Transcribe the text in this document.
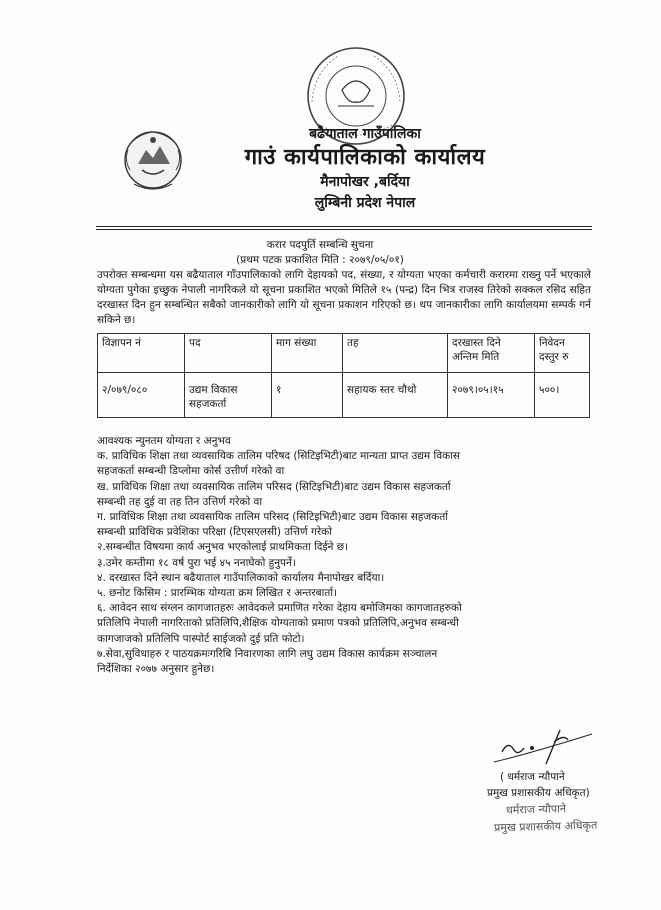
बढैयाताल गाउँपालिका
गाउं कार्यपालिकाको कार्यालय
मैनापोखर ,बर्दिया
लुम्बिनी प्रदेश नेपाल
करार पदपुर्ति सम्बन्धि सुचना
(प्रथम पटक प्रकाशित मिति : २०७९/०५/०१)
उपरोक्त सम्बन्धमा यस बढैयाताल गाँउपालिकाको लागि देहायको पद, संख्या, र योग्यता भएका कर्मचारी करारमा राख्नु पर्ने भएकाले योग्यता पुगेका इच्छुक नेपाली नागरिकले यो सूचना प्रकाशित भएको मितिले १५ (पन्द्र) दिन भित्र राजस्व तिरेको सक्कल रसिद सहित दरखास्त दिन हुन सम्बन्धित सबैको जानकारीको लागि यो सूचना प्रकाशन गरिएको छ। थप जानकारीका लागि कार्यालयमा सम्पर्क गर्न सकिने छ।
विज्ञापन नं	पद	माग संख्या	तह	दरखास्त दिने अन्तिम मिति	निवेदन दस्तुर रु
२/०७९/०८०	उद्यम विकास सहजकर्ता	१	सहायक स्तर चौथो	२०७९।०५।१५	५००।
आवश्यक न्युनतम योग्यता र अनुभव
क. प्राविधिक शिक्षा तथा व्यवसायिक तालिम परिषद (सिटिइभिटी)बाट मान्यता प्राप्त उद्यम विकास
सहजकर्ता सम्बन्धी डिप्लोमा कोर्स उत्तीर्ण गरेको वा
ख. प्राविधिक शिक्षा तथा व्यवसायिक तालिम परिसद (सिटिइभिटी)बाट उद्यम विकास सहजकर्ता
सम्बन्धी तह दुई वा तह तिन उत्तिर्ण गरेको वा
ग. प्राविधिक शिक्षा तथा व्यवसायिक तालिम परिसद (सिटिइभिटी)बाट उद्यम विकास सहजकर्ता
सम्बन्धी प्राविधिक प्रवेशिका परिक्षा (टिएसएलसी) उत्तिर्ण गरेको
२.सम्बन्धीत विषयमा कार्य अनुभव भएकोलाई प्राथमिकता दिईने छ।
३.उमेर कम्तीमा १८ वर्ष पुरा भई ४५ ननाघेको हुनुपर्ने।
४. दरखास्त दिने स्थान बढैयाताल गाउँपालिकाको कार्यालय मैनापोखर बर्दिया।
५. छनोट किसिम : प्रारम्भिक योग्यता क्रम लिखित र अन्तरबार्ता।
६. आवेदन साथ संग्लन कागजातहरुः आवेदकले प्रमाणित गरेका देहाय बमोजिमका कागजातहरुको
प्रतिलिपि नेपाली नागरिताको प्रतिलिपि,शैक्षिक योग्यताको प्रमाण पत्रको प्रतिलिपि,अनुभव सम्बन्धी
कागजाजको प्रतिलिपि पास्पोर्ट साईजको दुई प्रति फोटो।
७.सेवा,सुविधाहरु र पाठयक्रमःगरिबि निवारणका लागि लघु उद्यम विकास कार्यक्रम सञ्चालन
निर्देशिका २०७७ अनुसार हुनेछ।
( धर्मराज न्यौपाने
प्रमुख प्रशासकीय अधिकृत)
धर्मराज न्यौपाने
प्रमुख प्रशासकीय अधिकृत
